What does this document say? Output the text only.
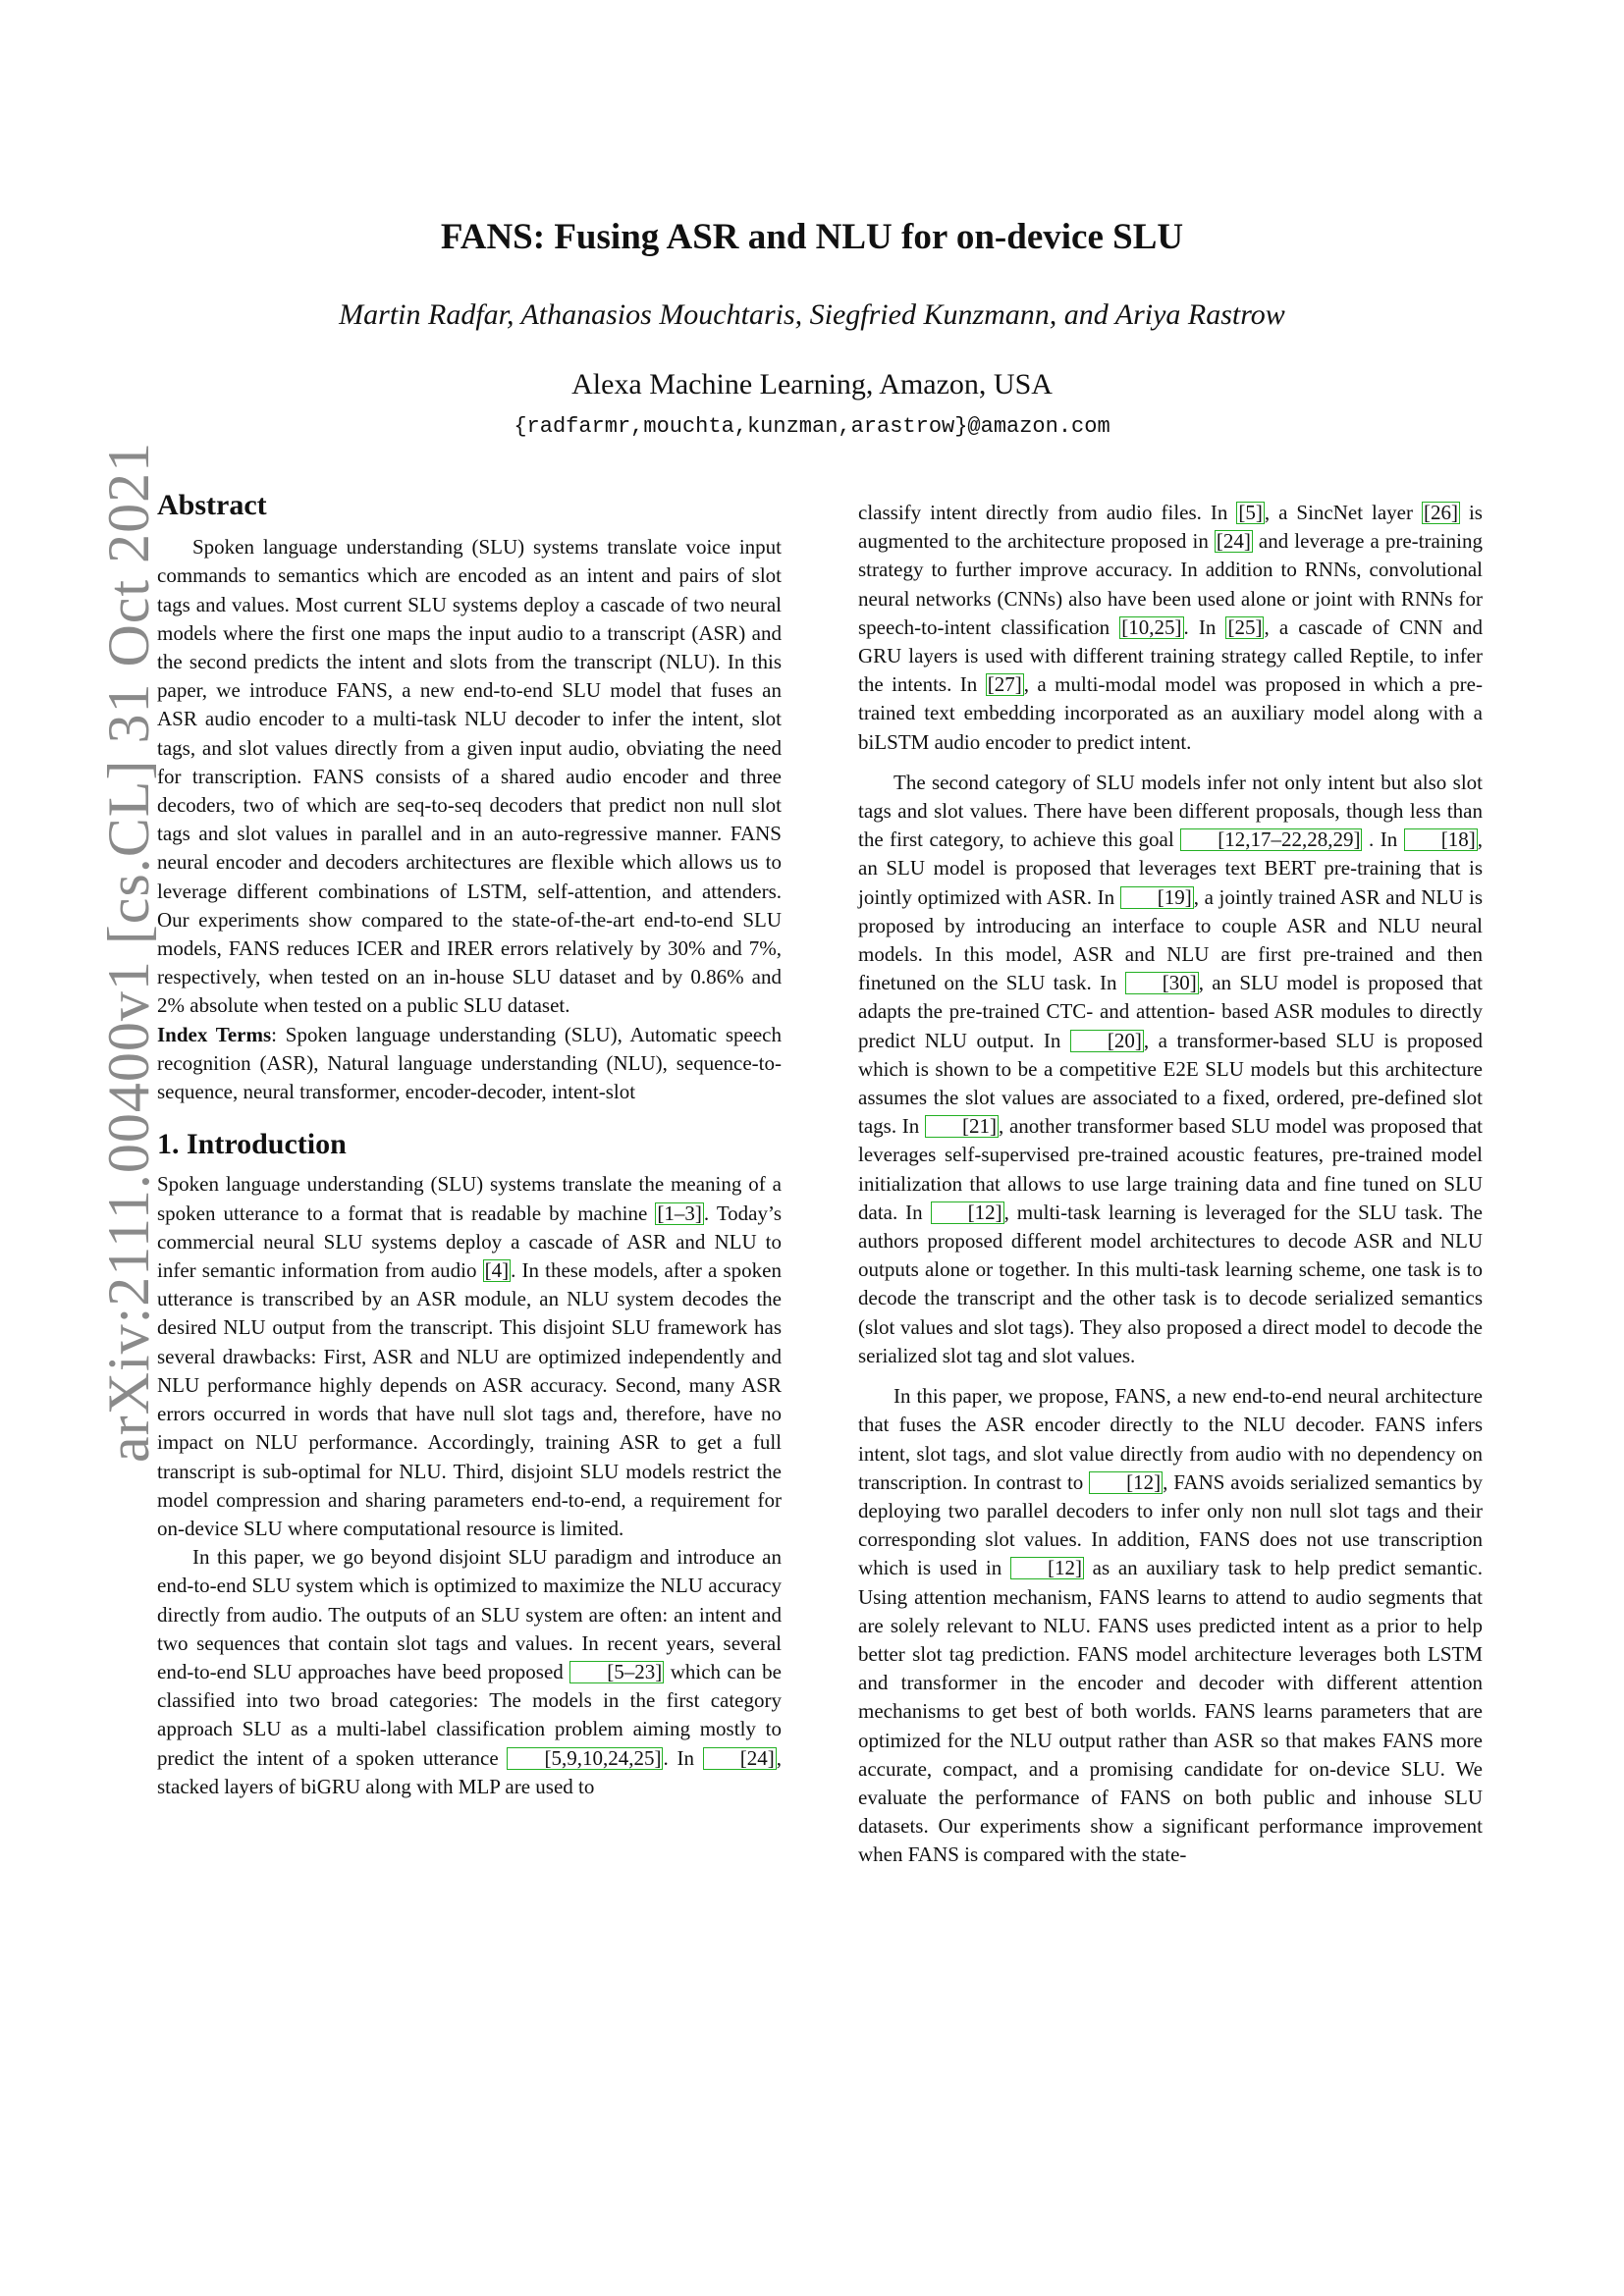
arXiv:2111.00400v1 [cs.CL] 31 Oct 2021
FANS: Fusing ASR and NLU for on-device SLU
Martin Radfar, Athanasios Mouchtaris, Siegfried Kunzmann, and Ariya Rastrow
Alexa Machine Learning, Amazon, USA
{radfarmr,mouchta,kunzman,arastrow}@amazon.com

Abstract

Spoken language understanding (SLU) systems translate voice input commands to semantics which are encoded as an intent and pairs of slot tags and values. Most current SLU systems deploy a cascade of two neural models where the first one maps the input audio to a transcript (ASR) and the second predicts the intent and slots from the transcript (NLU). In this paper, we introduce FANS, a new end-to-end SLU model that fuses an ASR audio encoder to a multi-task NLU decoder to infer the intent, slot tags, and slot values directly from a given input audio, obviating the need for transcription. FANS consists of a shared audio encoder and three decoders, two of which are seq-to-seq decoders that predict non null slot tags and slot values in parallel and in an auto-regressive manner. FANS neural encoder and decoders architectures are flexible which allows us to leverage different combinations of LSTM, self-attention, and attenders. Our experiments show compared to the state-of-the-art end-to-end SLU models, FANS reduces ICER and IRER errors relatively by 30% and 7%, respectively, when tested on an in-house SLU dataset and by 0.86% and 2% absolute when tested on a public SLU dataset.

Index Terms: Spoken language understanding (SLU), Automatic speech recognition (ASR), Natural language understanding (NLU), sequence-to-sequence, neural transformer, encoder-decoder, intent-slot

1. Introduction

Spoken language understanding (SLU) systems translate the meaning of a spoken utterance to a format that is readable by machine [1–3]. Today’s commercial neural SLU systems deploy a cascade of ASR and NLU to infer semantic information from audio [4]. In these models, after a spoken utterance is transcribed by an ASR module, an NLU system decodes the desired NLU output from the transcript. This disjoint SLU framework has several drawbacks: First, ASR and NLU are optimized independently and NLU performance highly depends on ASR accuracy. Second, many ASR errors occurred in words that have null slot tags and, therefore, have no impact on NLU performance. Accordingly, training ASR to get a full transcript is sub-optimal for NLU. Third, disjoint SLU models restrict the model compression and sharing parameters end-to-end, a requirement for on-device SLU where computational resource is limited.

In this paper, we go beyond disjoint SLU paradigm and introduce an end-to-end SLU system which is optimized to maximize the NLU accuracy directly from audio. The outputs of an SLU system are often: an intent and two sequences that contain slot tags and values. In recent years, several end-to-end SLU approaches have beed proposed [5–23] which can be classified into two broad categories: The models in the first category approach SLU as a multi-label classification problem aiming mostly to predict the intent of a spoken utterance [5,9,10,24,25]. In [24], stacked layers of biGRU along with MLP are used to

classify intent directly from audio files. In [5], a SincNet layer [26] is augmented to the architecture proposed in [24] and leverage a pre-training strategy to further improve accuracy. In addition to RNNs, convolutional neural networks (CNNs) also have been used alone or joint with RNNs for speech-to-intent classification [10,25]. In [25], a cascade of CNN and GRU layers is used with different training strategy called Reptile, to infer the intents. In [27], a multi-modal model was proposed in which a pre-trained text embedding incorporated as an auxiliary model along with a biLSTM audio encoder to predict intent.

The second category of SLU models infer not only intent but also slot tags and slot values. There have been different proposals, though less than the first category, to achieve this goal [12,17–22,28,29] . In [18], an SLU model is proposed that leverages text BERT pre-training that is jointly optimized with ASR. In [19], a jointly trained ASR and NLU is proposed by introducing an interface to couple ASR and NLU neural models. In this model, ASR and NLU are first pre-trained and then finetuned on the SLU task. In [30], an SLU model is proposed that adapts the pre-trained CTC- and attention- based ASR modules to directly predict NLU output. In [20], a transformer-based SLU is proposed which is shown to be a competitive E2E SLU models but this architecture assumes the slot values are associated to a fixed, ordered, pre-defined slot tags. In [21], another transformer based SLU model was proposed that leverages self-supervised pre-trained acoustic features, pre-trained model initialization that allows to use large training data and fine tuned on SLU data. In [12], multi-task learning is leveraged for the SLU task. The authors proposed different model architectures to decode ASR and NLU outputs alone or together. In this multi-task learning scheme, one task is to decode the transcript and the other task is to decode serialized semantics (slot values and slot tags). They also proposed a direct model to decode the serialized slot tag and slot values.

In this paper, we propose, FANS, a new end-to-end neural architecture that fuses the ASR encoder directly to the NLU decoder. FANS infers intent, slot tags, and slot value directly from audio with no dependency on transcription. In contrast to [12], FANS avoids serialized semantics by deploying two parallel decoders to infer only non null slot tags and their corresponding slot values. In addition, FANS does not use transcription which is used in [12] as an auxiliary task to help predict semantic. Using attention mechanism, FANS learns to attend to audio segments that are solely relevant to NLU. FANS uses predicted intent as a prior to help better slot tag prediction. FANS model architecture leverages both LSTM and transformer in the encoder and decoder with different attention mechanisms to get best of both worlds. FANS learns parameters that are optimized for the NLU output rather than ASR so that makes FANS more accurate, compact, and a promising candidate for on-device SLU. We evaluate the performance of FANS on both public and inhouse SLU datasets. Our experiments show a significant performance improvement when FANS is compared with the state-
